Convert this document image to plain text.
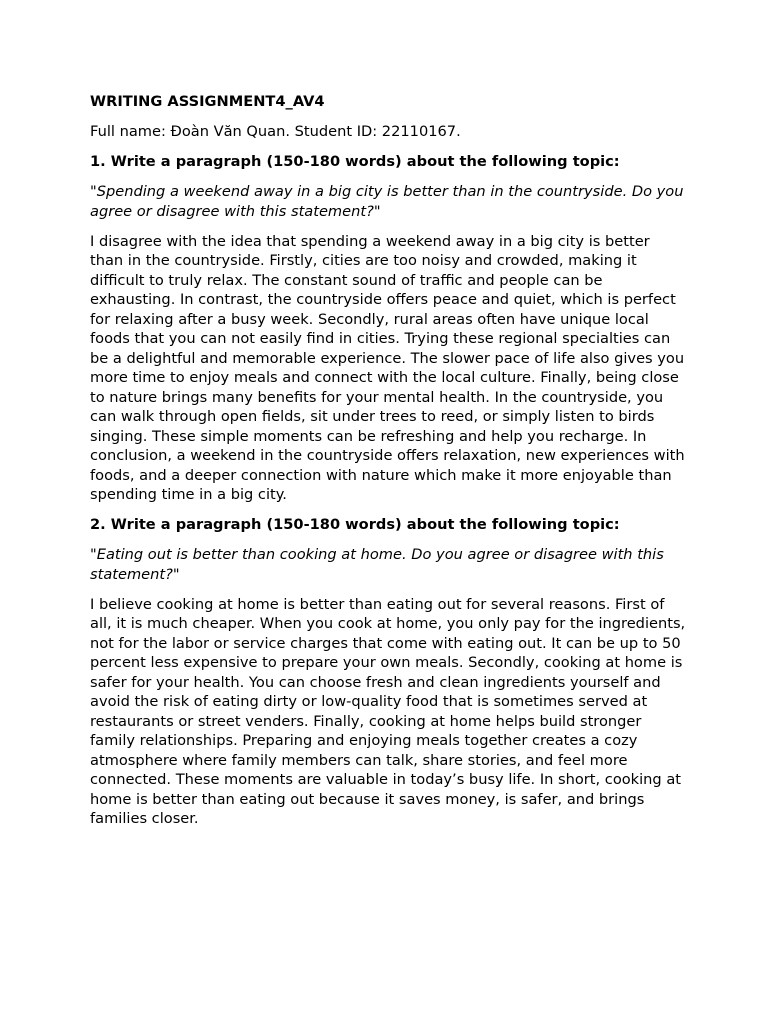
WRITING ASSIGNMENT4_AV4

Full name: Đoàn Văn Quan. Student ID: 22110167.

1. Write a paragraph (150-180 words) about the following topic:

"Spending a weekend away in a big city is better than in the countryside. Do you agree or disagree with this statement?"

I disagree with the idea that spending a weekend away in a big city is better than in the countryside. Firstly, cities are too noisy and crowded, making it difficult to truly relax. The constant sound of traffic and people can be exhausting. In contrast, the countryside offers peace and quiet, which is perfect for relaxing after a busy week. Secondly, rural areas often have unique local foods that you can not easily find in cities. Trying these regional specialties can be a delightful and memorable experience. The slower pace of life also gives you more time to enjoy meals and connect with the local culture. Finally, being close to nature brings many benefits for your mental health. In the countryside, you can walk through open fields, sit under trees to reed, or simply listen to birds singing. These simple moments can be refreshing and help you recharge. In conclusion, a weekend in the countryside offers relaxation, new experiences with foods, and a deeper connection with nature which make it more enjoyable than spending time in a big city.

2. Write a paragraph (150-180 words) about the following topic:

"Eating out is better than cooking at home. Do you agree or disagree with this statement?"

I believe cooking at home is better than eating out for several reasons. First of all, it is much cheaper. When you cook at home, you only pay for the ingredients, not for the labor or service charges that come with eating out. It can be up to 50 percent less expensive to prepare your own meals. Secondly, cooking at home is safer for your health. You can choose fresh and clean ingredients yourself and avoid the risk of eating dirty or low-quality food that is sometimes served at restaurants or street venders. Finally, cooking at home helps build stronger family relationships. Preparing and enjoying meals together creates a cozy atmosphere where family members can talk, share stories, and feel more connected. These moments are valuable in today’s busy life. In short, cooking at home is better than eating out because it saves money, is safer, and brings families closer.
